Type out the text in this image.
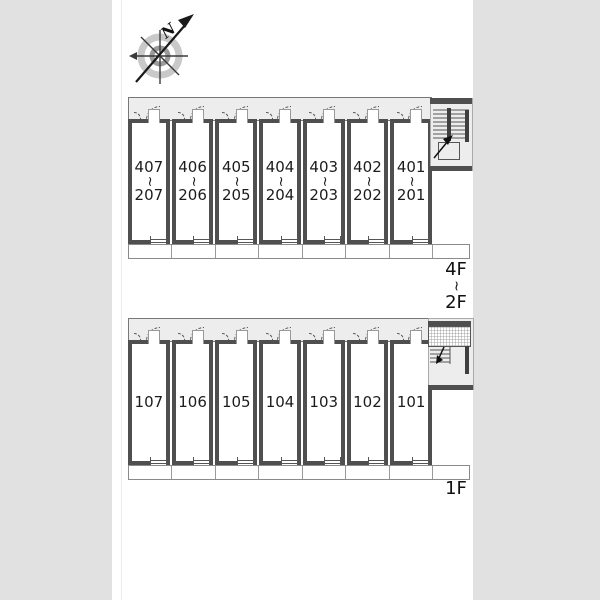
N
407
~
207
406
~
206
405
~
205
404
~
204
403
~
203
402
~
202
401
~
201
4F
~
2F
107 106 105 104 103 102 101
1F
